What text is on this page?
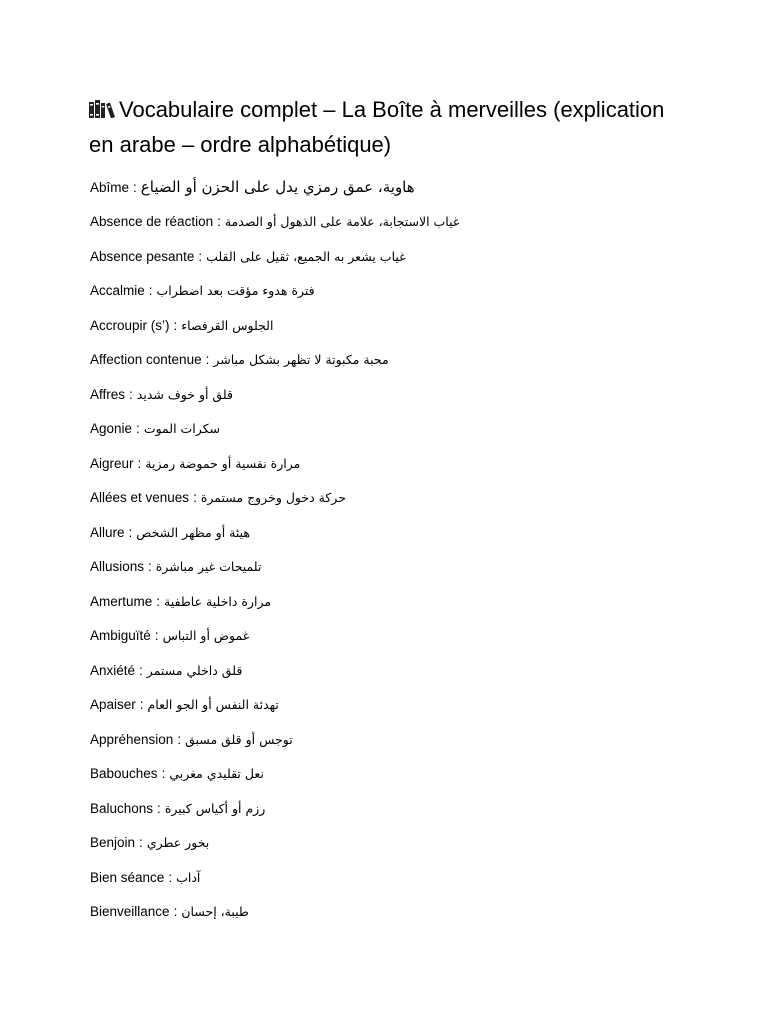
Vocabulaire complet – La Boîte à merveilles (explication en arabe – ordre alphabétique)
Abîme : هاوية، عمق رمزي يدل على الحزن أو الضياع
Absence de réaction : غياب الاستجابة، علامة على الذهول أو الصدمة
Absence pesante : غياب يشعر به الجميع، ثقيل على القلب
Accalmie : فترة هدوء مؤقت بعد اضطراب
Accroupir (s’) : الجلوس القرفصاء
Affection contenue : محبة مكبوتة لا تظهر بشكل مباشر
Affres : قلق أو خوف شديد
Agonie : سكرات الموت
Aigreur : مرارة نفسية أو حموضة رمزية
Allées et venues : حركة دخول وخروج مستمرة
Allure : هيئة أو مظهر الشخص
Allusions : تلميحات غير مباشرة
Amertume : مرارة داخلية عاطفية
Ambiguïté : غموض أو التباس
Anxiété : قلق داخلي مستمر
Apaiser : تهدئة النفس أو الجو العام
Appréhension : توجس أو قلق مسبق
Babouches : نعل تقليدي مغربي
Baluchons : رزم أو أكياس كبيرة
Benjoin : بخور عطري
Bien séance : آداب
Bienveillance : طيبة، إحسان
